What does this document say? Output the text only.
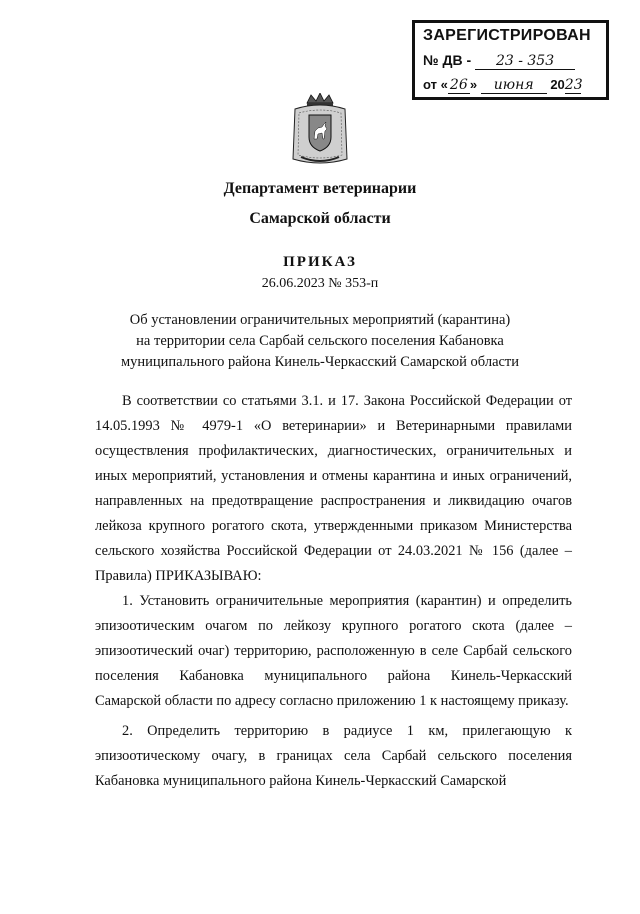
ЗАРЕГИСТРИРОВАН
№ ДВ - 23 - 353
от « 26 » июня 2023
Департамент ветеринарии
Самарской области
ПРИКАЗ
26.06.2023 № 353-п
Об установлении ограничительных мероприятий (карантина)
на территории села Сарбай сельского поселения Кабановка
муниципального района Кинель-Черкасский Самарской области

В соответствии со статьями 3.1. и 17. Закона Российской Федерации от 14.05.1993 № 4979-1 «О ветеринарии» и Ветеринарными правилами осуществления профилактических, диагностических, ограничительных и иных мероприятий, установления и отмены карантина и иных ограничений, направленных на предотвращение распространения и ликвидацию очагов лейкоза крупного рогатого скота, утвержденными приказом Министерства сельского хозяйства Российской Федерации от 24.03.2021 № 156 (далее – Правила) ПРИКАЗЫВАЮ:

1. Установить ограничительные мероприятия (карантин) и определить эпизоотическим очагом по лейкозу крупного рогатого скота (далее – эпизоотический очаг) территорию, расположенную в селе Сарбай сельского поселения Кабановка муниципального района Кинель-Черкасский Самарской области по адресу согласно приложению 1 к настоящему приказу.

2. Определить территорию в радиусе 1 км, прилегающую к эпизоотическому очагу, в границах села Сарбай сельского поселения Кабановка муниципального района Кинель-Черкасский Самарской
